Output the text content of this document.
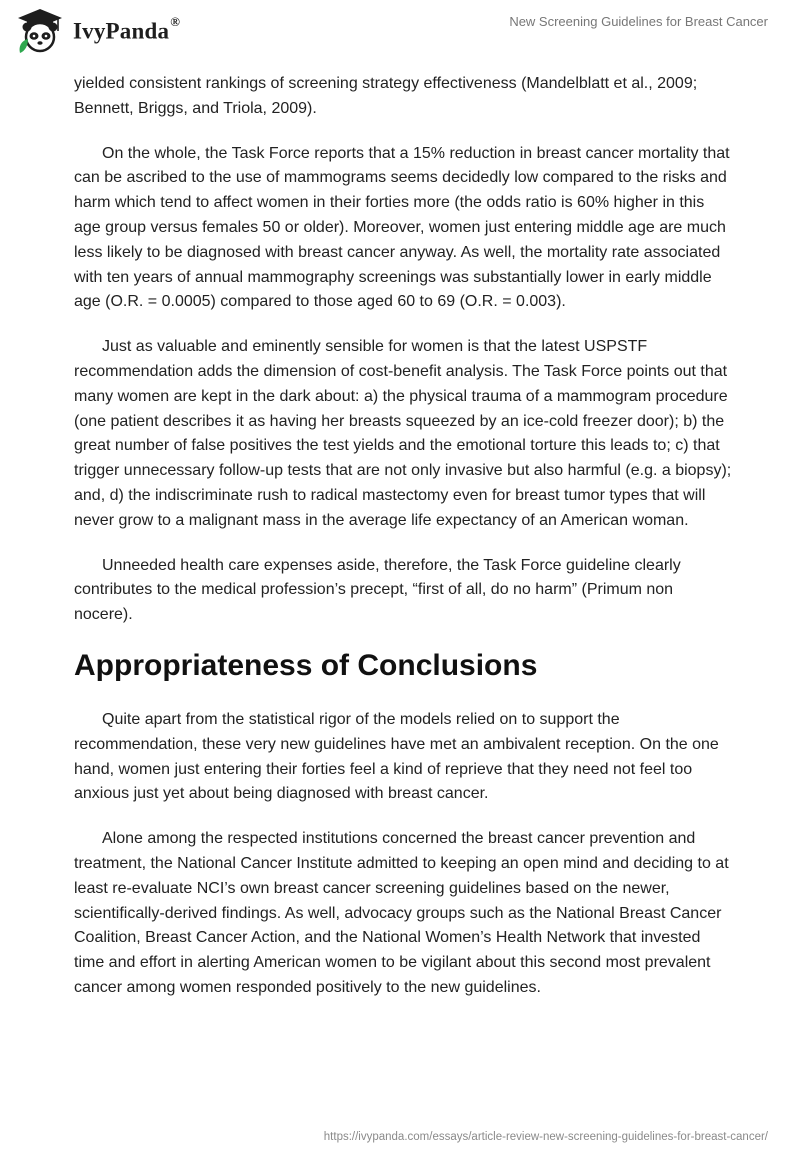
IvyPanda®	New Screening Guidelines for Breast Cancer

yielded consistent rankings of screening strategy effectiveness (Mandelblatt et al., 2009; Bennett, Briggs, and Triola, 2009).

On the whole, the Task Force reports that a 15% reduction in breast cancer mortality that can be ascribed to the use of mammograms seems decidedly low compared to the risks and harm which tend to affect women in their forties more (the odds ratio is 60% higher in this age group versus females 50 or older). Moreover, women just entering middle age are much less likely to be diagnosed with breast cancer anyway. As well, the mortality rate associated with ten years of annual mammography screenings was substantially lower in early middle age (O.R. = 0.0005) compared to those aged 60 to 69 (O.R. = 0.003).

Just as valuable and eminently sensible for women is that the latest USPSTF recommendation adds the dimension of cost-benefit analysis. The Task Force points out that many women are kept in the dark about: a) the physical trauma of a mammogram procedure (one patient describes it as having her breasts squeezed by an ice-cold freezer door); b) the great number of false positives the test yields and the emotional torture this leads to; c) that trigger unnecessary follow-up tests that are not only invasive but also harmful (e.g. a biopsy); and, d) the indiscriminate rush to radical mastectomy even for breast tumor types that will never grow to a malignant mass in the average life expectancy of an American woman.

Unneeded health care expenses aside, therefore, the Task Force guideline clearly contributes to the medical profession’s precept, “first of all, do no harm” (Primum non nocere).

Appropriateness of Conclusions

Quite apart from the statistical rigor of the models relied on to support the recommendation, these very new guidelines have met an ambivalent reception. On the one hand, women just entering their forties feel a kind of reprieve that they need not feel too anxious just yet about being diagnosed with breast cancer.

Alone among the respected institutions concerned the breast cancer prevention and treatment, the National Cancer Institute admitted to keeping an open mind and deciding to at least re-evaluate NCI’s own breast cancer screening guidelines based on the newer, scientifically-derived findings. As well, advocacy groups such as the National Breast Cancer Coalition, Breast Cancer Action, and the National Women’s Health Network that invested time and effort in alerting American women to be vigilant about this second most prevalent cancer among women responded positively to the new guidelines.

https://ivypanda.com/essays/article-review-new-screening-guidelines-for-breast-cancer/
